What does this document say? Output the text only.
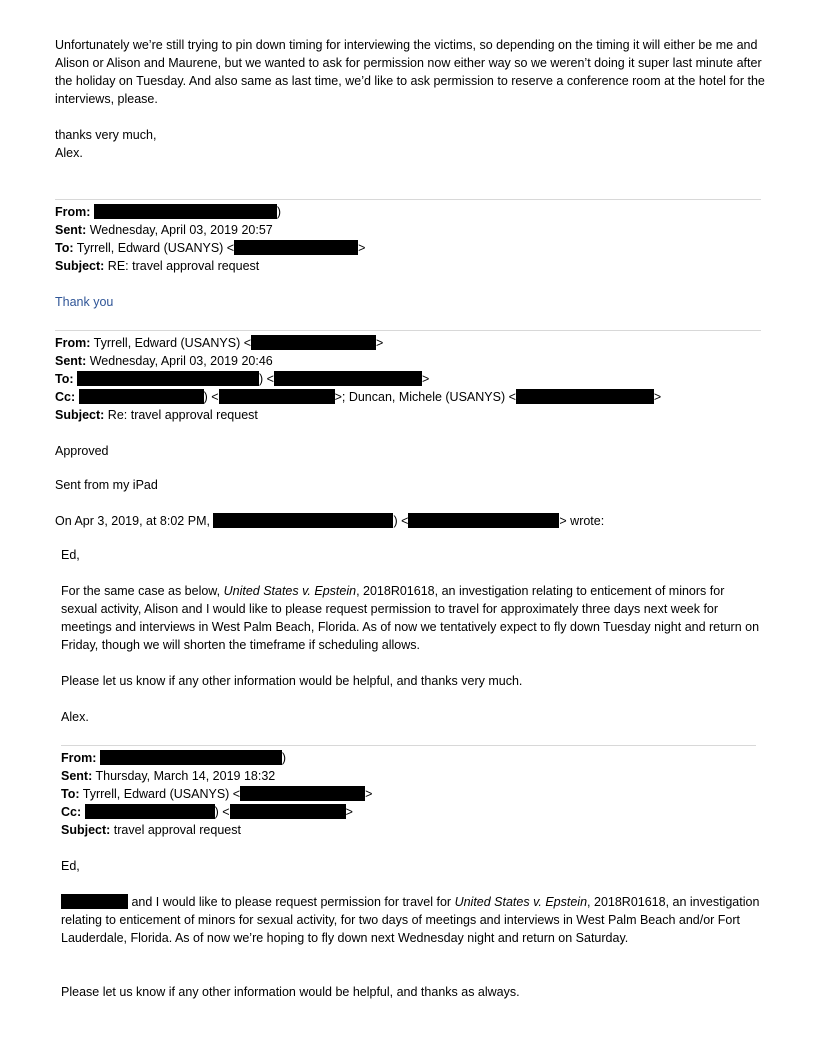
Unfortunately we’re still trying to pin down timing for interviewing the victims, so depending on the timing it will either be me and Alison or Alison and Maurene, but we wanted to ask for permission now either way so we weren’t doing it super last minute after the holiday on Tuesday. And also same as last time, we’d like to ask permission to reserve a conference room at the hotel for the interviews, please.
thanks very much,
Alex.
From:	)
Sent: Wednesday, April 03, 2019 20:57
To: Tyrrell, Edward (USANYS) <	>
Subject: RE: travel approval request
Thank you
From: Tyrrell, Edward (USANYS) <	>
Sent: Wednesday, April 03, 2019 20:46
To:	) <	>
Cc:	) <	>; Duncan, Michele (USANYS) <	>
Subject: Re: travel approval request
Approved
Sent from my iPad
On Apr 3, 2019, at 8:02 PM,	) <	> wrote:
Ed,
For the same case as below, United States v. Epstein, 2018R01618, an investigation relating to enticement of minors for sexual activity, Alison and I would like to please request permission to travel for approximately three days next week for meetings and interviews in West Palm Beach, Florida. As of now we tentatively expect to fly down Tuesday night and return on Friday, though we will shorten the timeframe if scheduling allows.
Please let us know if any other information would be helpful, and thanks very much.
Alex.
From:	)
Sent: Thursday, March 14, 2019 18:32
To: Tyrrell, Edward (USANYS) <	>
Cc:	) <	>
Subject: travel approval request
Ed,
and I would like to please request permission for travel for United States v. Epstein, 2018R01618, an investigation relating to enticement of minors for sexual activity, for two days of meetings and interviews in West Palm Beach and/or Fort Lauderdale, Florida. As of now we’re hoping to fly down next Wednesday night and return on Saturday.
Please let us know if any other information would be helpful, and thanks as always.
